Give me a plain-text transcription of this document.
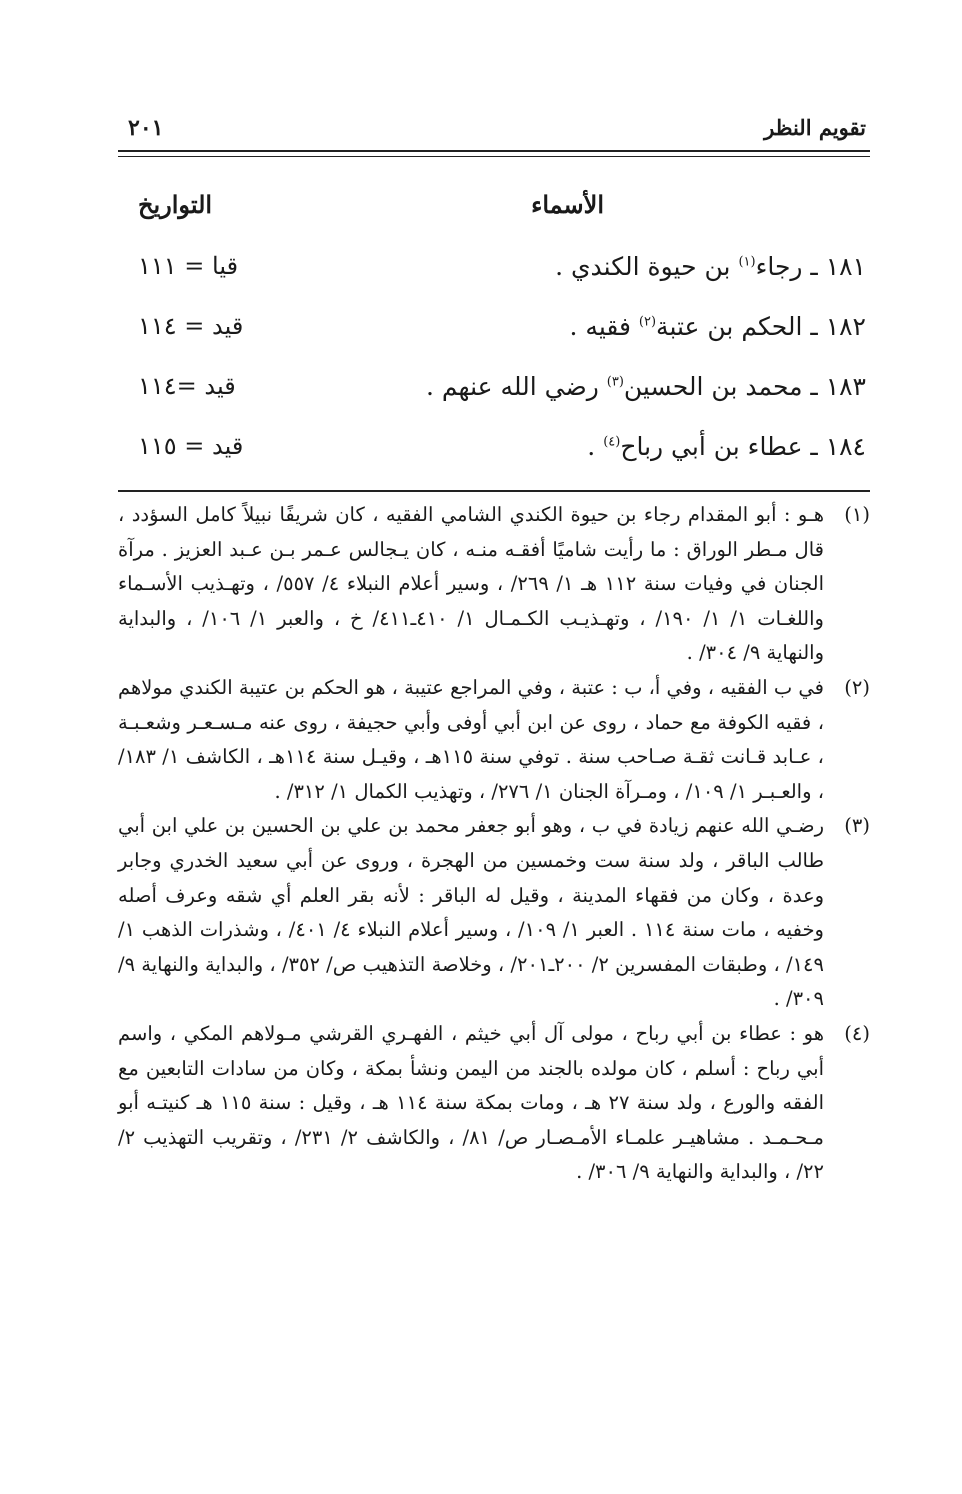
تقويم النظر
٢٠١
الأسماء
التواريخ
١٨١ ـ رجاء$^{(١)}$ بن حيوة الكندي .
قيا = ١١١
١٨٢ ـ الحكم بن عتبة$^{(٢)}$ فقيه .
قيد = ١١٤
١٨٣ ـ محمد بن الحسين$^{(٣)}$ رضي الله عنهم .
قيد =١١٤
١٨٤ ـ عطاء بن أبي رباح$^{(٤)}$ .
قيد = ١١٥
(١)
هـو : أبو المقدام رجاء بن حيوة الكندي الشامي الفقيه ، كان شريفًا نبيلاً كامل السؤدد ، قال مـطر الوراق : ما رأيت شاميًا أفقـه منـه ، كان يـجالس عـمر بـن عـبد العزيز . مرآة الجنان في وفيات سنة ١١٢ هـ ١/ ٢٦٩/ ، وسير أعلام النبلاء ٤/ ٥٥٧/ ، وتهـذيب الأسـماء واللغـات ١/ ١/ ١٩٠/ ، وتهـذيـب الكـمـال ١/ ٤١٠ـ٤١١/ خ ، والعبر ١/ ١٠٦/ ، والبداية والنهاية ٩/ ٣٠٤/ .
(٢)
في ب الفقيه ، وفي أ، ب : عتبة ، وفي المراجع عتيبة ، هو الحكم بن عتيبة الكندي مولاهم ، فقيه الكوفة مع حماد ، روى عن ابن أبي أوفى وأبي حجيفة ، روى عنه مـسـعـر وشعـبـة ، عـابد قـانت ثقـة صـاحب سنة . توفي سنة ١١٥هـ ، وقيـل سنة ١١٤هـ ، الكاشف ١/ ١٨٣/ ، والعـبـر ١/ ١٠٩/ ، ومـرآة الجنان ١/ ٢٧٦/ ، وتهذيب الكمال ١/ ٣١٢/ .
(٣)
رضـي الله عنهم زيادة في ب ، وهو أبو جعفر محمد بن علي بن الحسين بن علي ابن أبي طالب الباقر ، ولد سنة ست وخمسين من الهجرة ، وروى عن أبي سعيد الخدري وجابر وعدة ، وكان من فقهاء المدينة ، وقيل له الباقر : لأنه بقر العلم أي شقه وعرف أصله وخفيه ، مات سنة ١١٤ . العبر ١/ ١٠٩/ ، وسير أعلام النبلاء ٤/ ٤٠١/ ، وشذرات الذهب ١/ ١٤٩/ ، وطبقات المفسرين ٢/ ٢٠٠ـ٢٠١/ ، وخلاصة التذهيب ص/ ٣٥٢/ ، والبداية والنهاية ٩/ ٣٠٩/ .
(٤)
هو : عطاء بن أبي رباح ، مولى آل أبي خيثم ، الفهـري القرشي مـولاهم المكي ، واسم أبي رباح : أسلم ، كان مولده بالجند من اليمن ونشأ بمكة ، وكان من سادات التابعين مع الفقه والورع ، ولد سنة ٢٧ هـ ، ومات بمكة سنة ١١٤ هـ ، وقيل : سنة ١١٥ هـ كنيتـه أبو مـحـمـد . مشاهيـر علمـاء الأمـصـار ص/ ٨١/ ، والكاشف ٢/ ٢٣١/ ، وتقريب التهذيب ٢/ ٢٢/ ، والبداية والنهاية ٩/ ٣٠٦/ .
